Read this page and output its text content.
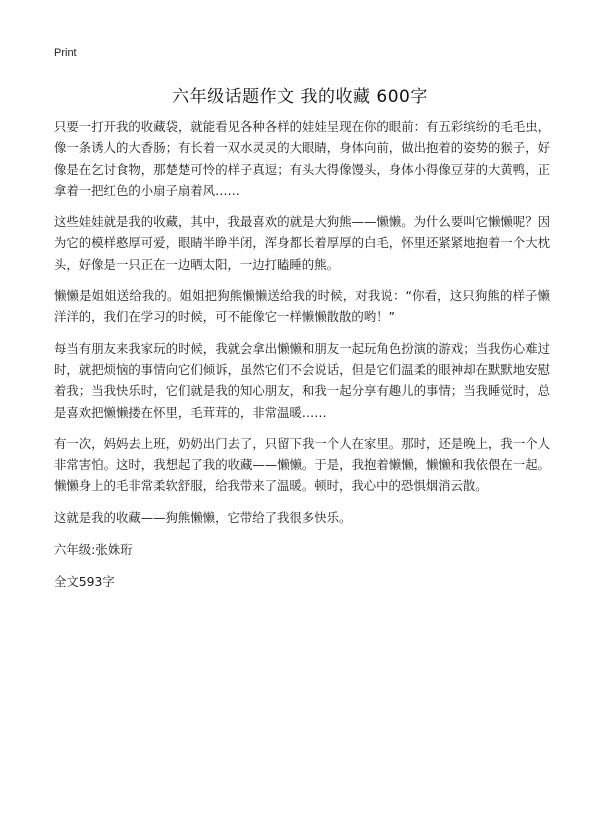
Print
六年级话题作文 我的收藏 600字

只要一打开我的收藏袋，就能看见各种各样的娃娃呈现在你的眼前：有五彩缤纷的毛毛虫，像一条诱人的大香肠；有长着一双水灵灵的大眼睛，身体向前，做出抱着的姿势的猴子，好像是在乞讨食物，那楚楚可怜的样子真逗；有头大得像馒头，身体小得像豆芽的大黄鸭，正拿着一把红色的小扇子扇着风……

这些娃娃就是我的收藏，其中，我最喜欢的就是大狗熊——懒懒。为什么要叫它懒懒呢？因为它的模样憨厚可爱，眼睛半睁半闭，浑身都长着厚厚的白毛，怀里还紧紧地抱着一个大枕头，好像是一只正在一边晒太阳，一边打瞌睡的熊。

懒懒是姐姐送给我的。姐姐把狗熊懒懒送给我的时候，对我说：“你看，这只狗熊的样子懒洋洋的，我们在学习的时候，可不能像它一样懒懒散散的哟！”

每当有朋友来我家玩的时候，我就会拿出懒懒和朋友一起玩角色扮演的游戏；当我伤心难过时，就把烦恼的事情向它们倾诉，虽然它们不会说话，但是它们温柔的眼神却在默默地安慰着我；当我快乐时，它们就是我的知心朋友，和我一起分享有趣儿的事情；当我睡觉时，总是喜欢把懒懒搂在怀里，毛茸茸的，非常温暖……

有一次，妈妈去上班，奶奶出门去了，只留下我一个人在家里。那时，还是晚上，我一个人非常害怕。这时，我想起了我的收藏——懒懒。于是，我抱着懒懒，懒懒和我依偎在一起。懒懒身上的毛非常柔软舒服，给我带来了温暖。顿时，我心中的恐惧烟消云散。

这就是我的收藏——狗熊懒懒，它带给了我很多快乐。

六年级:张姝珩
全文593字
